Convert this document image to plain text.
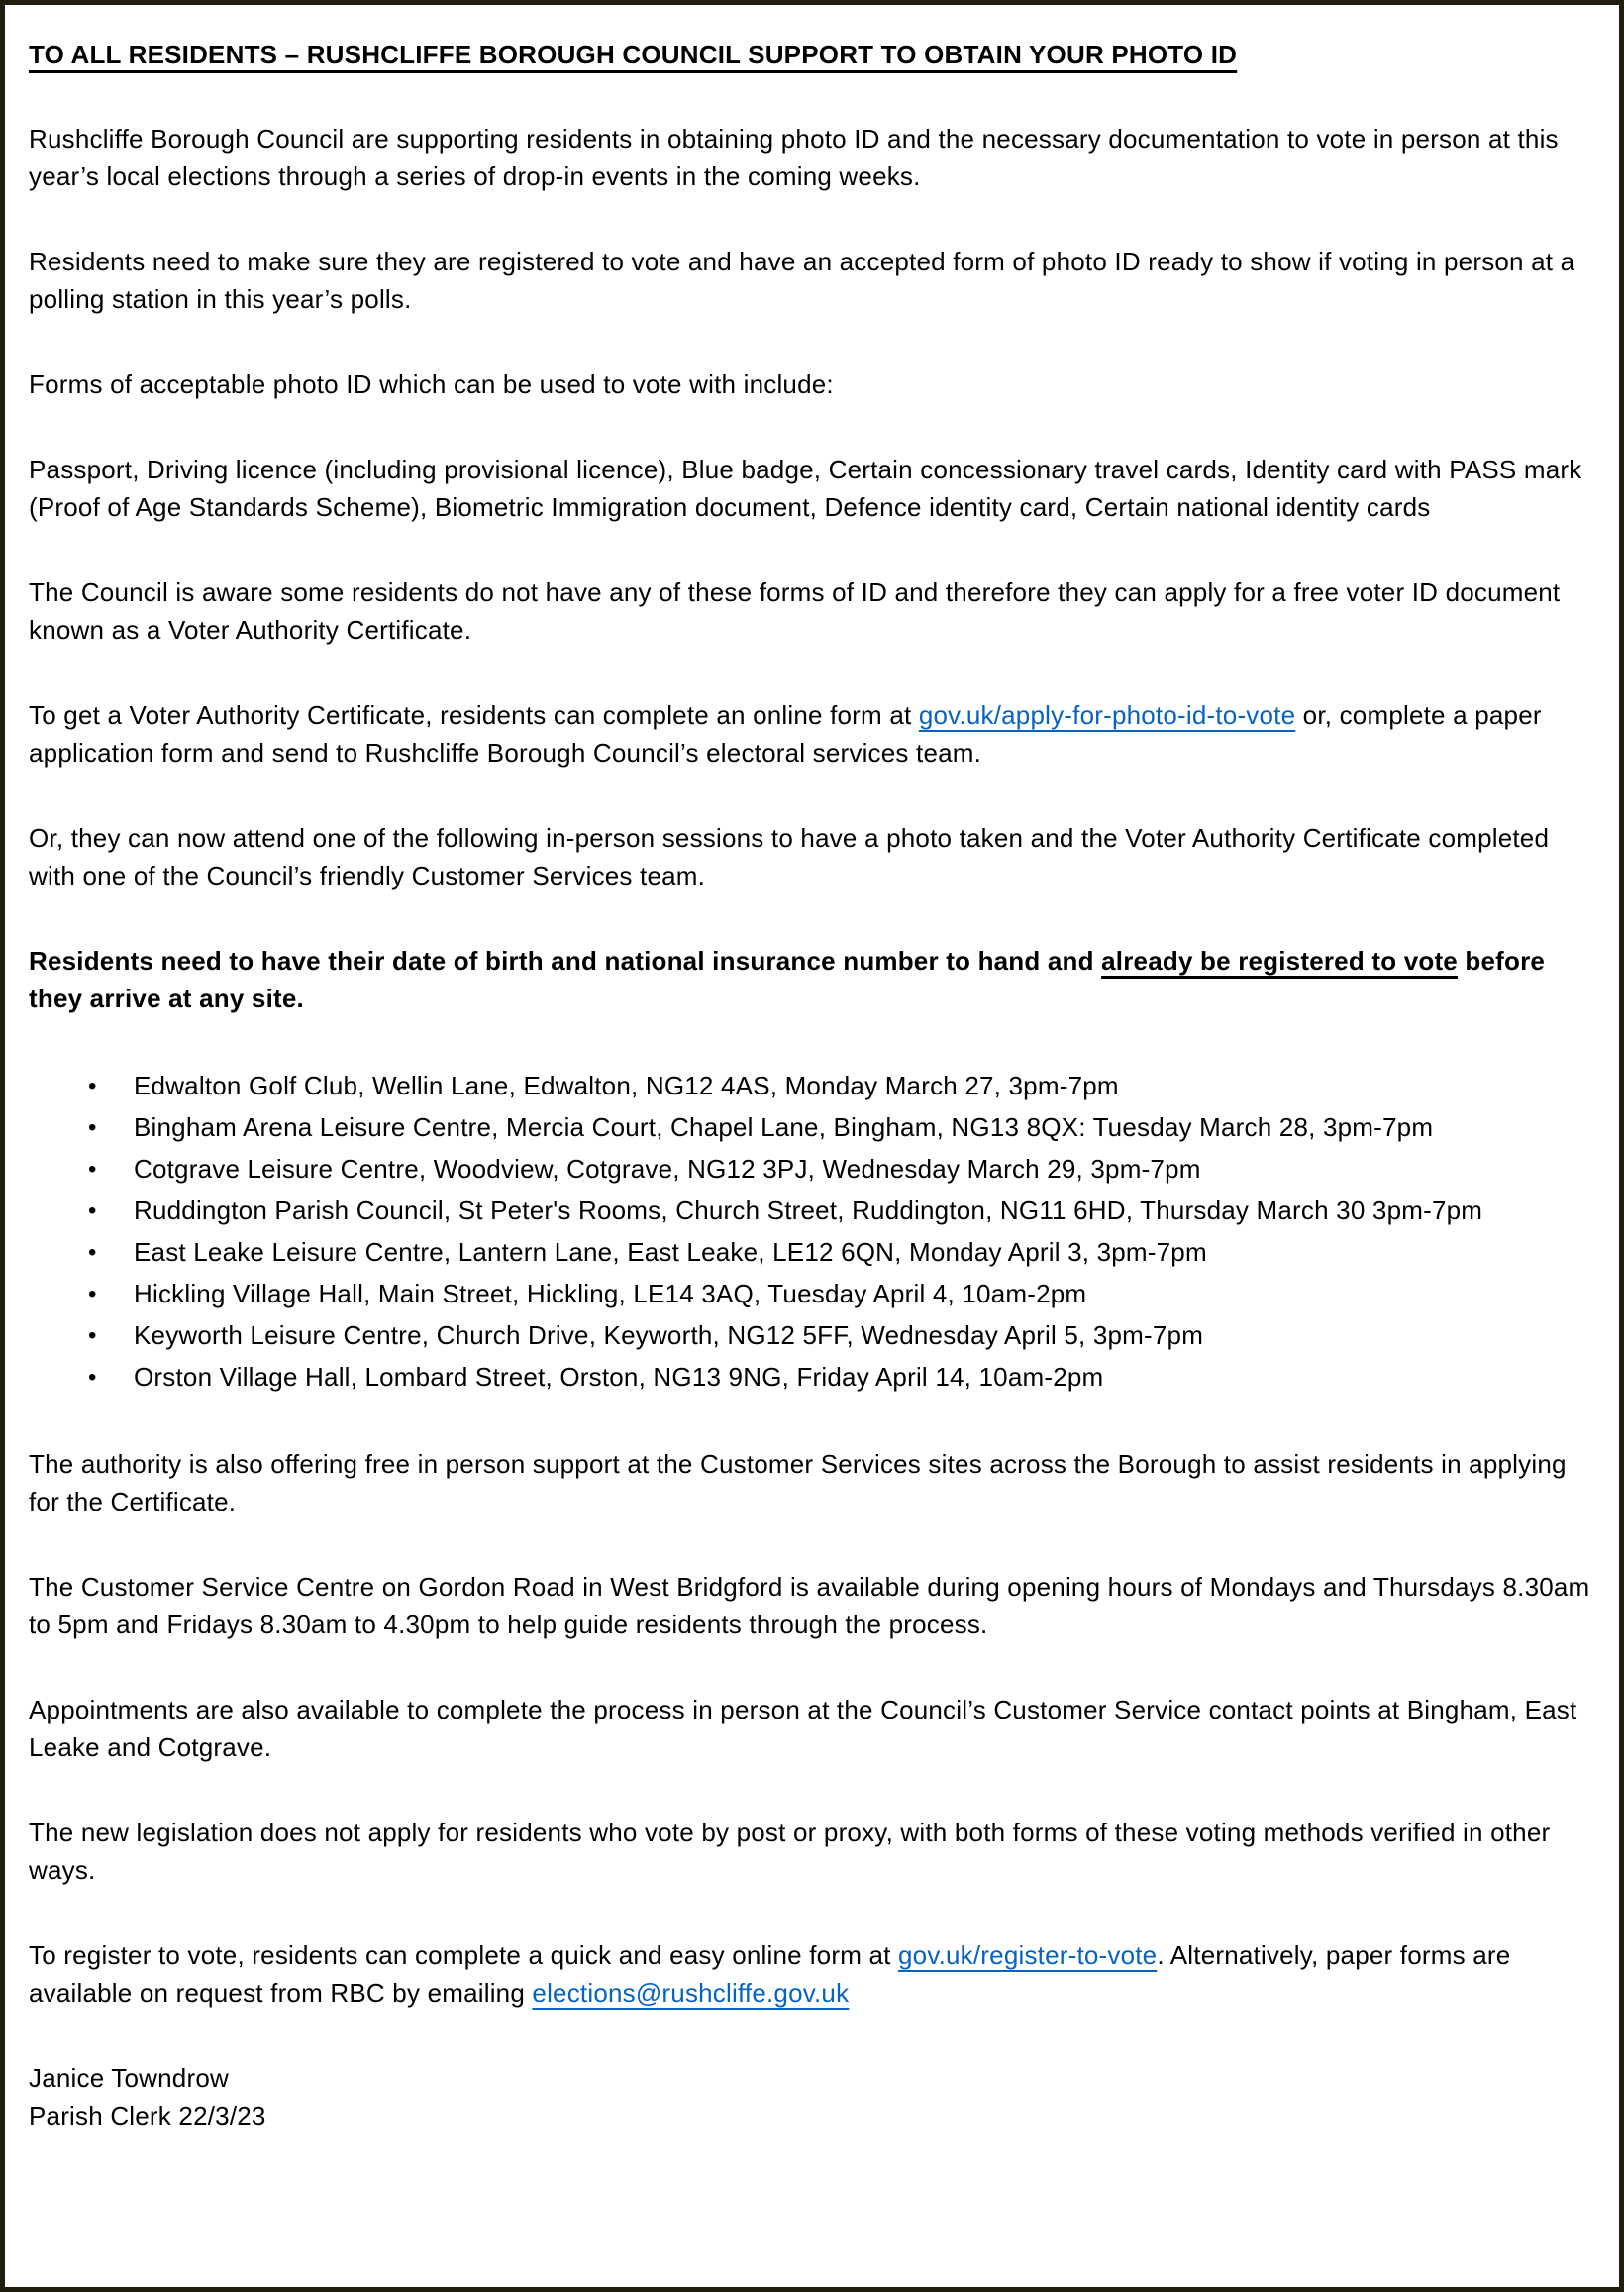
TO ALL RESIDENTS – RUSHCLIFFE BOROUGH COUNCIL SUPPORT TO OBTAIN YOUR PHOTO ID

Rushcliffe Borough Council are supporting residents in obtaining photo ID and the necessary documentation to vote in person at this year’s local elections through a series of drop-in events in the coming weeks.

Residents need to make sure they are registered to vote and have an accepted form of photo ID ready to show if voting in person at a polling station in this year’s polls.

Forms of acceptable photo ID which can be used to vote with include:

Passport, Driving licence (including provisional licence), Blue badge, Certain concessionary travel cards, Identity card with PASS mark (Proof of Age Standards Scheme), Biometric Immigration document, Defence identity card, Certain national identity cards

The Council is aware some residents do not have any of these forms of ID and therefore they can apply for a free voter ID document known as a Voter Authority Certificate.

To get a Voter Authority Certificate, residents can complete an online form at gov.uk/apply-for-photo-id-to-vote or, complete a paper application form and send to Rushcliffe Borough Council’s electoral services team.

Or, they can now attend one of the following in-person sessions to have a photo taken and the Voter Authority Certificate completed with one of the Council’s friendly Customer Services team.

Residents need to have their date of birth and national insurance number to hand and already be registered to vote before they arrive at any site.

• Edwalton Golf Club, Wellin Lane, Edwalton, NG12 4AS, Monday March 27, 3pm-7pm
• Bingham Arena Leisure Centre, Mercia Court, Chapel Lane, Bingham, NG13 8QX: Tuesday March 28, 3pm-7pm
• Cotgrave Leisure Centre, Woodview, Cotgrave, NG12 3PJ, Wednesday March 29, 3pm-7pm
• Ruddington Parish Council, St Peter's Rooms, Church Street, Ruddington, NG11 6HD, Thursday March 30 3pm-7pm
• East Leake Leisure Centre, Lantern Lane, East Leake, LE12 6QN, Monday April 3, 3pm-7pm
• Hickling Village Hall, Main Street, Hickling, LE14 3AQ, Tuesday April 4, 10am-2pm
• Keyworth Leisure Centre, Church Drive, Keyworth, NG12 5FF, Wednesday April 5, 3pm-7pm
• Orston Village Hall, Lombard Street, Orston, NG13 9NG, Friday April 14, 10am-2pm

The authority is also offering free in person support at the Customer Services sites across the Borough to assist residents in applying for the Certificate.

The Customer Service Centre on Gordon Road in West Bridgford is available during opening hours of Mondays and Thursdays 8.30am to 5pm and Fridays 8.30am to 4.30pm to help guide residents through the process.

Appointments are also available to complete the process in person at the Council’s Customer Service contact points at Bingham, East Leake and Cotgrave.

The new legislation does not apply for residents who vote by post or proxy, with both forms of these voting methods verified in other ways.

To register to vote, residents can complete a quick and easy online form at gov.uk/register-to-vote. Alternatively, paper forms are available on request from RBC by emailing elections@rushcliffe.gov.uk

Janice Towndrow
Parish Clerk 22/3/23
